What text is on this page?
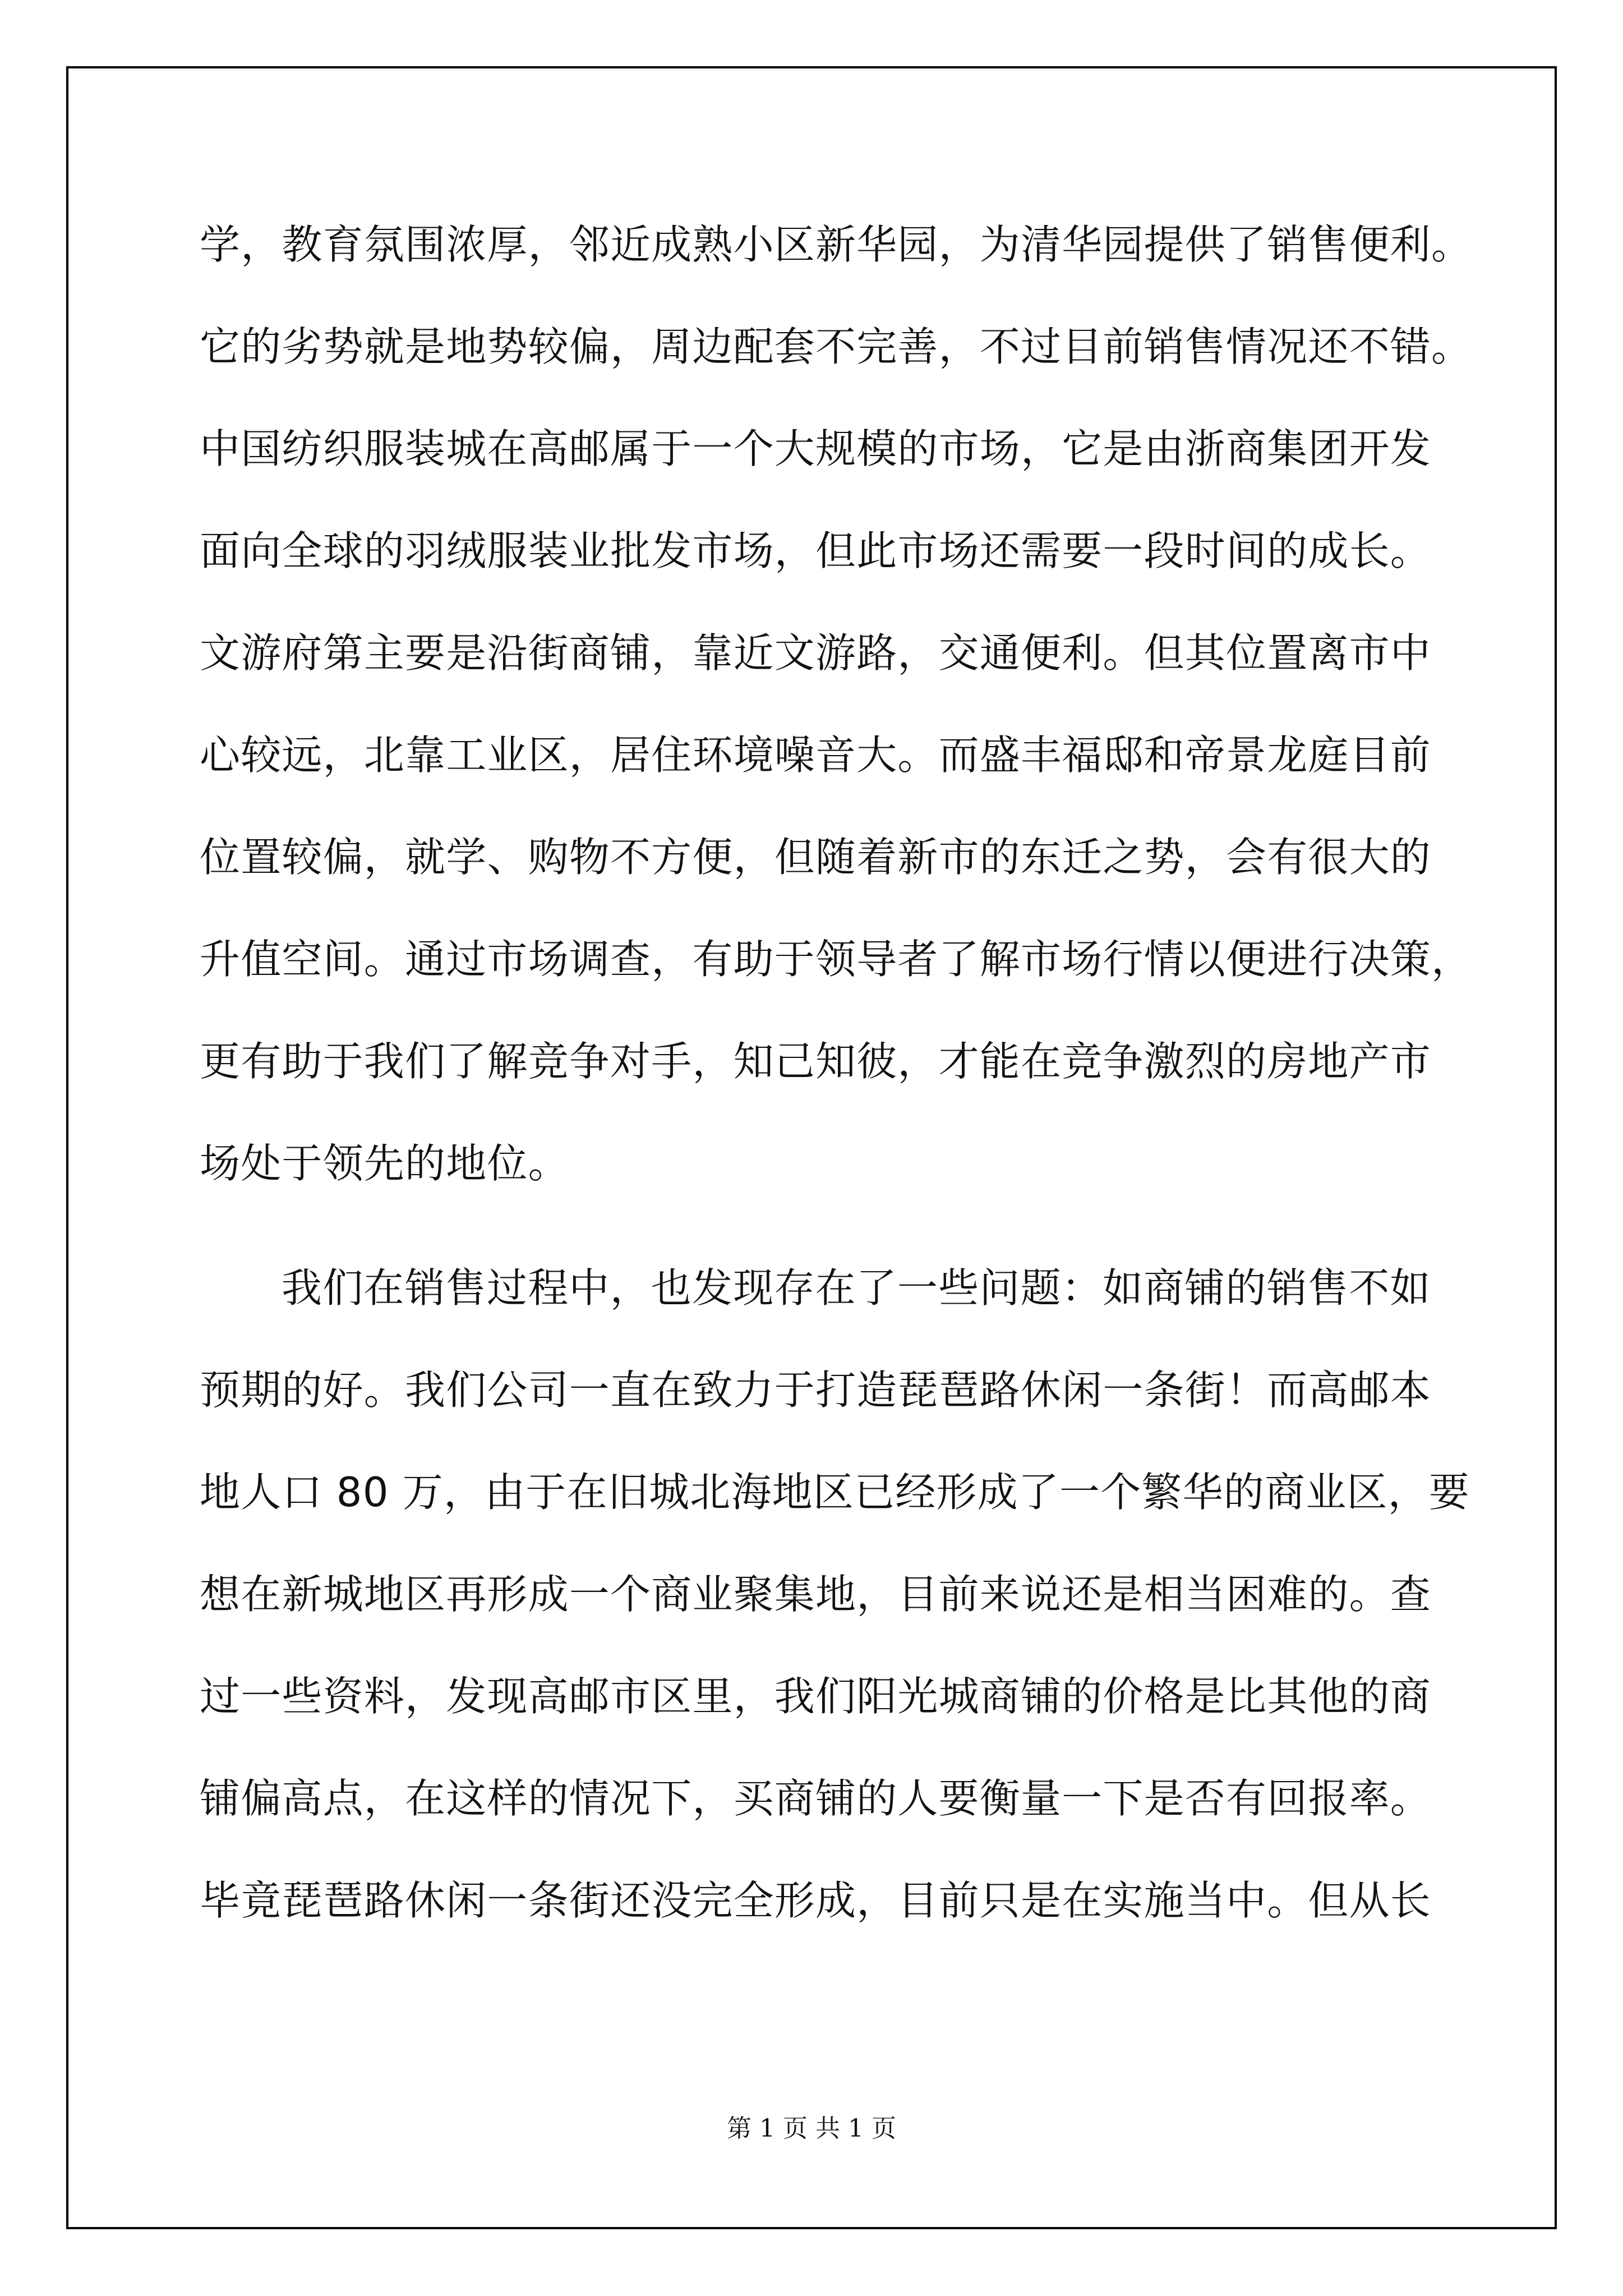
学，教育氛围浓厚，邻近成熟小区新华园，为清华园提供了销售便利。
它的劣势就是地势较偏，周边配套不完善，不过目前销售情况还不错。
中国纺织服装城在高邮属于一个大规模的市场，它是由浙商集团开发
面向全球的羽绒服装业批发市场，但此市场还需要一段时间的成长。
文游府第主要是沿街商铺，靠近文游路，交通便利。但其位置离市中
心较远，北靠工业区，居住环境噪音大。而盛丰福邸和帝景龙庭目前
位置较偏，就学、购物不方便，但随着新市的东迁之势，会有很大的
升值空间。通过市场调查，有助于领导者了解市场行情以便进行决策，
更有助于我们了解竞争对手，知己知彼，才能在竞争激烈的房地产市
场处于领先的地位。
我们在销售过程中，也发现存在了一些问题：如商铺的销售不如
预期的好。我们公司一直在致力于打造琵琶路休闲一条街！而高邮本
地人口 80 万，由于在旧城北海地区已经形成了一个繁华的商业区，要
想在新城地区再形成一个商业聚集地，目前来说还是相当困难的。查
过一些资料，发现高邮市区里，我们阳光城商铺的价格是比其他的商
铺偏高点，在这样的情况下，买商铺的人要衡量一下是否有回报率。
毕竟琵琶路休闲一条街还没完全形成，目前只是在实施当中。但从长
第 1 页 共 1 页
